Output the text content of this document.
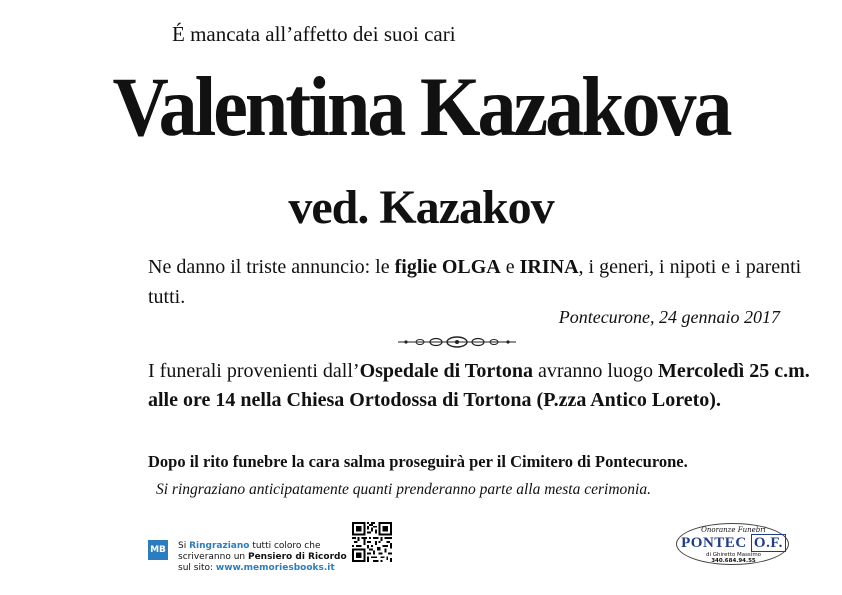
É mancata all’affetto dei suoi cari
Valentina Kazakova
ved. Kazakov
Ne danno il triste annuncio: le figlie OLGA e IRINA, i generi, i nipoti e i parenti tutti.
Pontecurone, 24 gennaio 2017
I funerali provenienti dall’Ospedale di Tortona avranno luogo Mercoledì 25 c.m. alle ore 14 nella Chiesa Ortodossa di Tortona (P.zza Antico Loreto).
Dopo il rito funebre la cara salma proseguirà per il Cimitero di Pontecurone.
Si ringraziano anticipatamente quanti prenderanno parte alla mesta cerimonia.
MB Si Ringraziano tutti coloro che scriveranno un Pensiero di Ricordo sul sito: www.memoriesbooks.it
Onoranze Funebri
PONTEC O.F.
di Ghiretto Massimo
340.684.94.55
